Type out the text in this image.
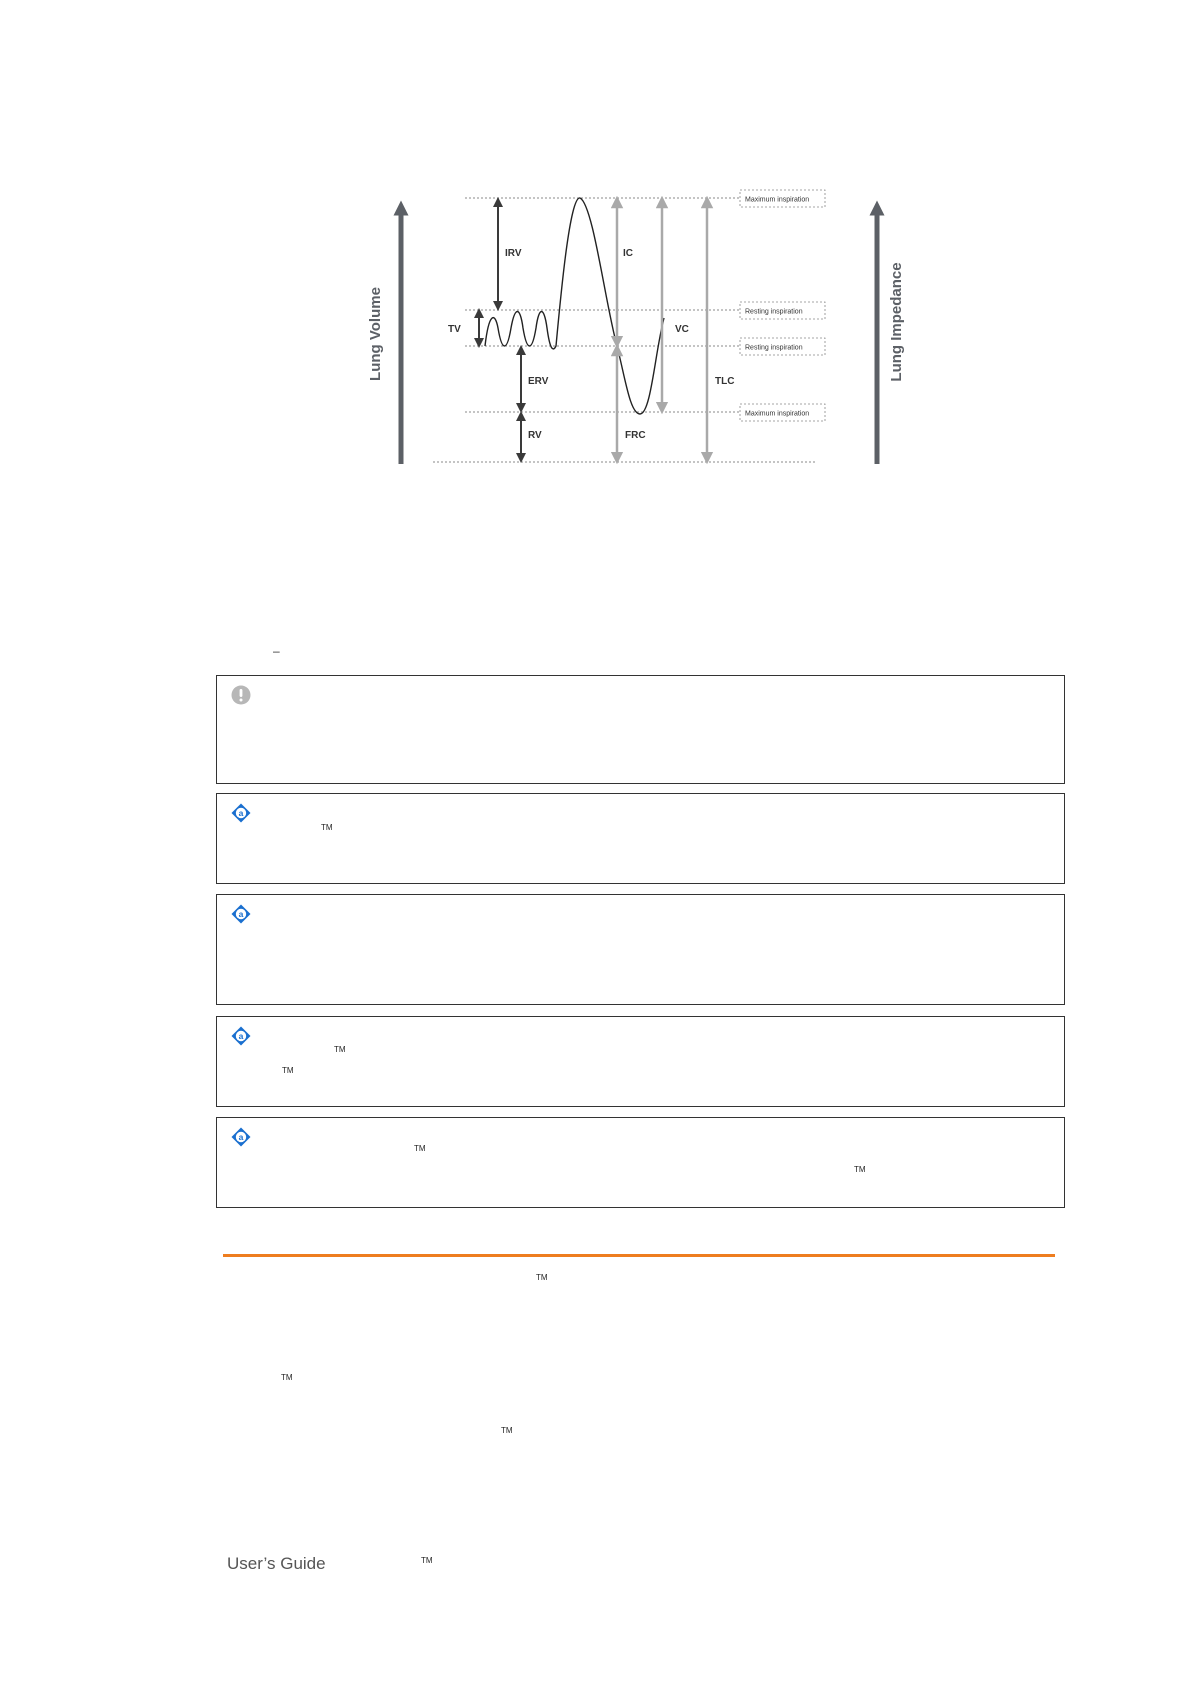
Lung Volume	Lung Impedance
IRV
TV
ERV
RV
IC
FRC
VC
TLC
Maximum inspiration
Resting inspiration
Resting inspiration
Maximum inspiration
–
a
TM
a
a
TM
TM
a
TM
TM
TM
TM
TM
User’s Guide	TM
